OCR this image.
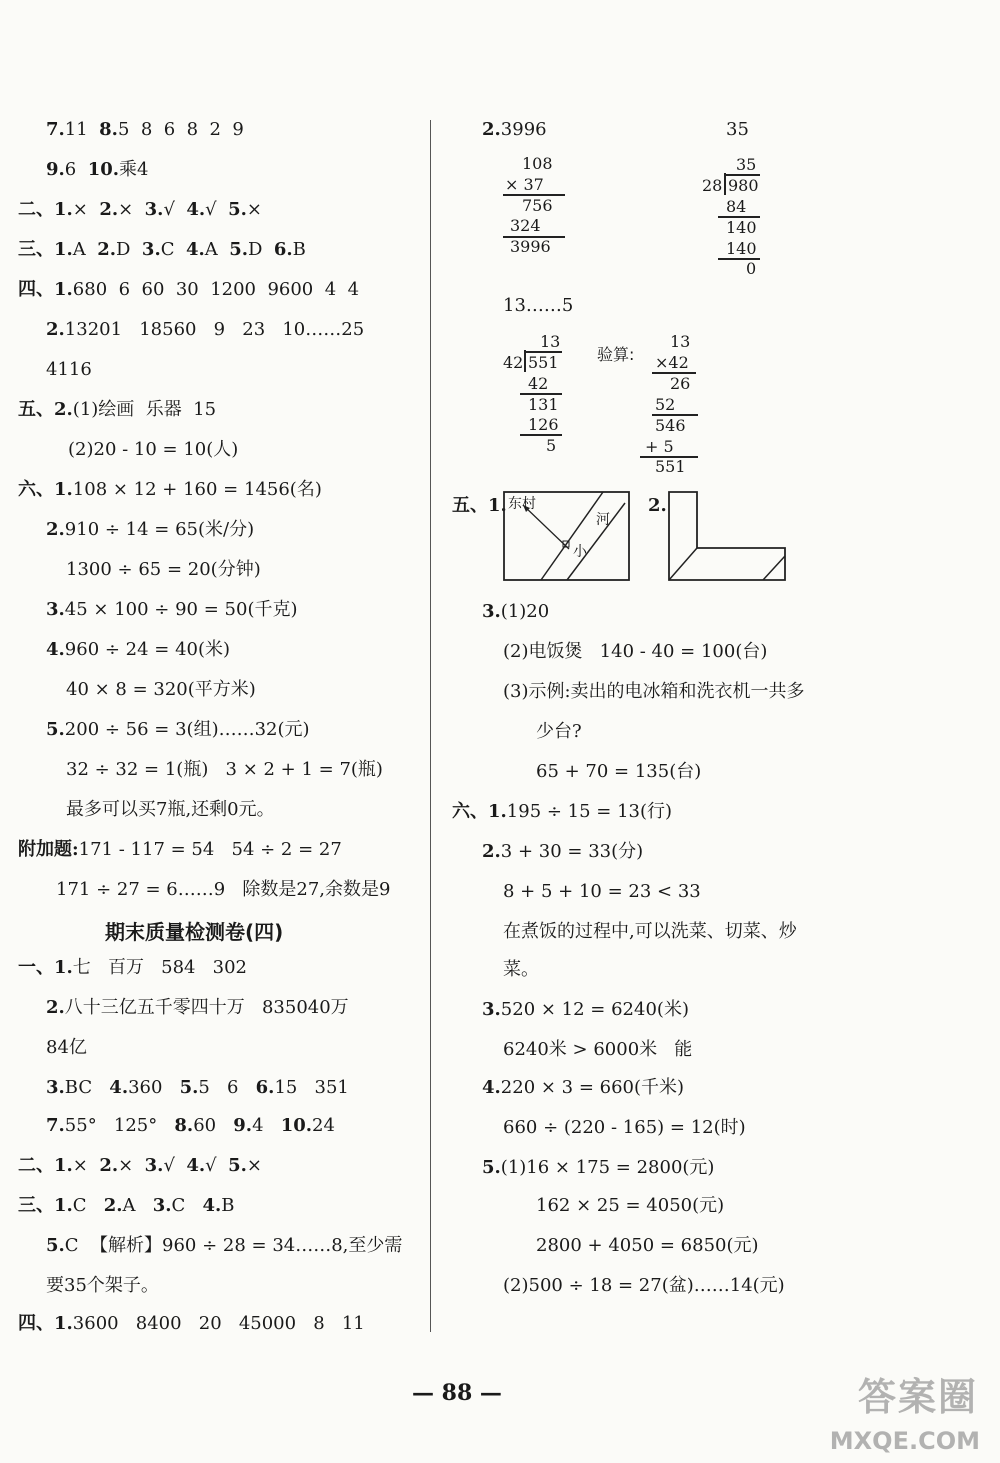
7.11  8.5  8  6  8  2  9
9.6  10.乘4
二、1.×  2.×  3.√  4.√  5.×
三、1.A  2.D  3.C  4.A  5.D  6.B
四、1.680  6  60  30  1200  9600  4  4
2.13201   18560   9   23   10……25
4116
五、2.(1)绘画  乐器  15
(2)20 - 10 = 10(人)
六、1.108 × 12 + 160 = 1456(名)
2.910 ÷ 14 = 65(米/分)
1300 ÷ 65 = 20(分钟)
3.45 × 100 ÷ 90 = 50(千克)
4.960 ÷ 24 = 40(米)
40 × 8 = 320(平方米)
5.200 ÷ 56 = 3(组)……32(元)
32 ÷ 32 = 1(瓶)   3 × 2 + 1 = 7(瓶)
最多可以买7瓶,还剩0元。
附加题:171 - 117 = 54   54 ÷ 2 = 27
171 ÷ 27 = 6……9   除数是27,余数是9
一、1.七   百万   584   302
2.八十三亿五千零四十万   835040万
84亿
3.BC   4.360   5.5   6   6.15   351
7.55°   125°   8.60   9.4   10.24
二、1.×  2.×  3.√  4.√  5.×
三、1.C   2.A   3.C   4.B
5.C  【解析】960 ÷ 28 = 34……8,至少需
要35个架子。
四、1.3600   8400   20   45000   8   11
期末质量检测卷(四)
2.3996	35
13……5
3.(1)20
(2)电饭煲   140 - 40 = 100(台)
(3)示例:卖出的电冰箱和洗衣机一共多
少台?
65 + 70 = 135(台)
六、1.195 ÷ 15 = 13(行)
2.3 + 30 = 33(分)
8 + 5 + 10 = 23 < 33
在煮饭的过程中,可以洗菜、切菜、炒
菜。
3.520 × 12 = 6240(米)
6240米 > 6000米   能
4.220 × 3 = 660(千米)
660 ÷ (220 - 165) = 12(时)
5.(1)16 × 175 = 2800(元)
162 × 25 = 4050(元)
2800 + 4050 = 6850(元)
(2)500 ÷ 18 = 27(盆)……14(元)
108
× 37
756
324
3996
35
28 980
84
140
140
0
13
42 551
42
131
126
5
验算:
13
×42
26
52
546
+ 5
551
五、1. 东村
河
小
2.
— 88 —	答案圈
MXQE.COM
